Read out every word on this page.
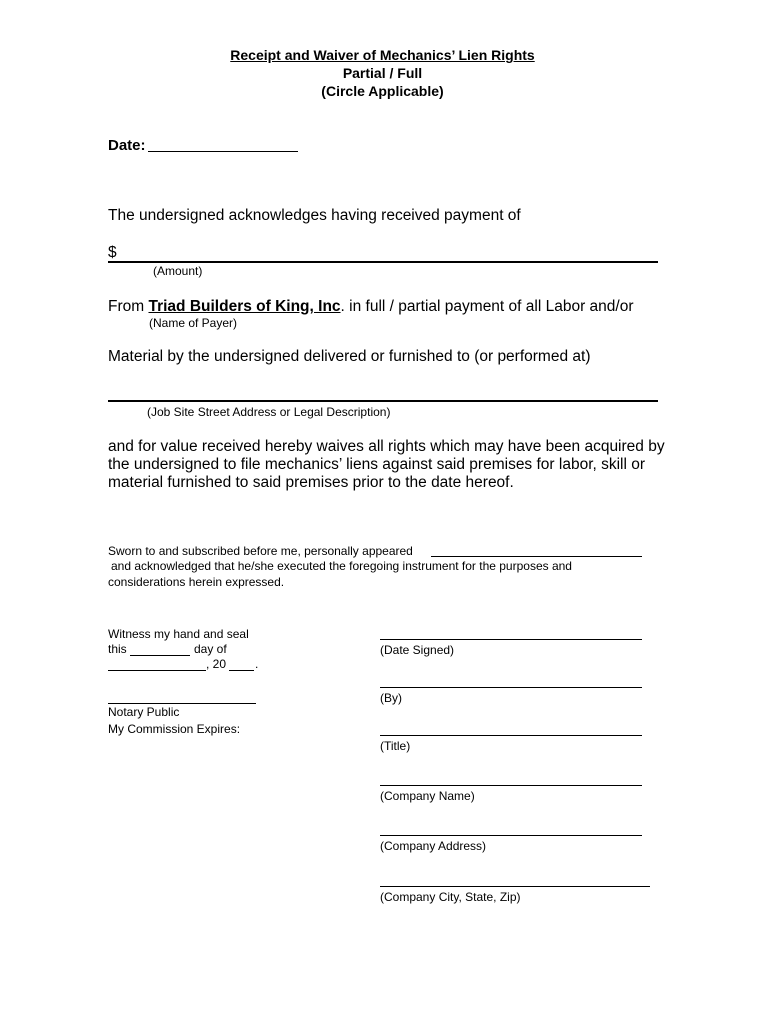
Receipt and Waiver of Mechanics’ Lien Rights
Partial / Full
(Circle Applicable)
Date:
The undersigned acknowledges having received payment of
$
(Amount)
From Triad Builders of King, Inc. in full / partial payment of all Labor and/or
(Name of Payer)
Material by the undersigned delivered or furnished to (or performed at)
(Job Site Street Address or Legal Description)
and for value received hereby waives all rights which may have been acquired by
the undersigned to file mechanics’ liens against said premises for labor, skill or
material furnished to said premises prior to the date hereof.
Sworn to and subscribed before me, personally appeared
and acknowledged that he/she executed the foregoing instrument for the purposes and
considerations herein expressed.
Witness my hand and seal
this	day of
, 20 .
Notary Public
My Commission Expires:
(Date Signed)
(By)
(Title)
(Company Name)
(Company Address)
(Company City, State, Zip)
